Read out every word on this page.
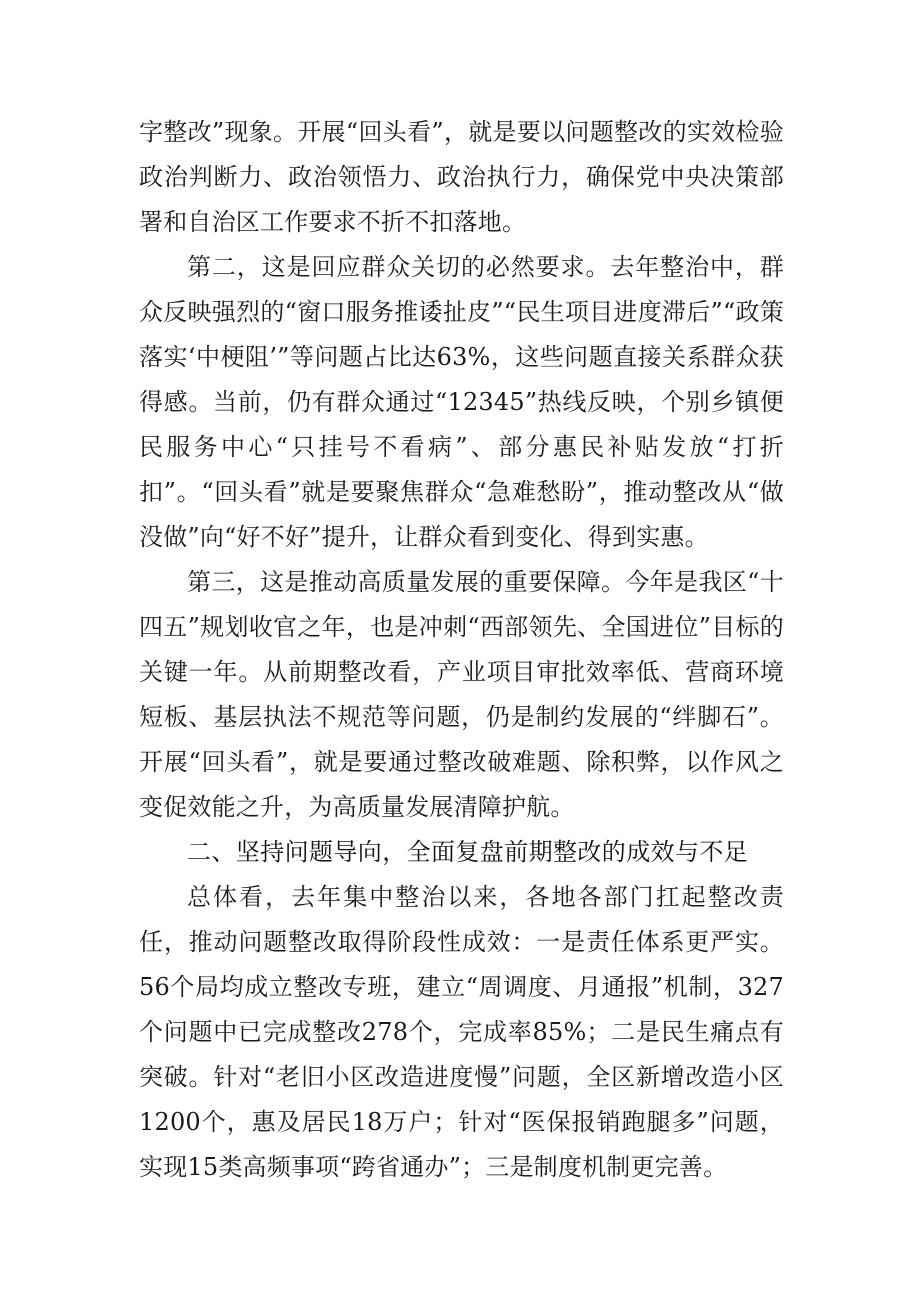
字整改”现象。开展“回头看”，就是要以问题整改的实效检验政治判断力、政治领悟力、政治执行力，确保党中央决策部署和自治区工作要求不折不扣落地。

第二，这是回应群众关切的必然要求。去年整治中，群众反映强烈的“窗口服务推诿扯皮”“民生项目进度滞后”“政策落实‘中梗阻’”等问题占比达63%，这些问题直接关系群众获得感。当前，仍有群众通过“12345”热线反映，个别乡镇便民服务中心“只挂号不看病”、部分惠民补贴发放“打折扣”。“回头看”就是要聚焦群众“急难愁盼”，推动整改从“做没做”向“好不好”提升，让群众看到变化、得到实惠。

第三，这是推动高质量发展的重要保障。今年是我区“十四五”规划收官之年，也是冲刺“西部领先、全国进位”目标的关键一年。从前期整改看，产业项目审批效率低、营商环境短板、基层执法不规范等问题，仍是制约发展的“绊脚石”。开展“回头看”，就是要通过整改破难题、除积弊，以作风之变促效能之升，为高质量发展清障护航。

二、坚持问题导向，全面复盘前期整改的成效与不足

总体看，去年集中整治以来，各地各部门扛起整改责任，推动问题整改取得阶段性成效：一是责任体系更严实。56个局均成立整改专班，建立“周调度、月通报”机制，327个问题中已完成整改278个，完成率85%；二是民生痛点有突破。针对“老旧小区改造进度慢”问题，全区新增改造小区1200个，惠及居民18万户；针对“医保报销跑腿多”问题，实现15类高频事项“跨省通办”；三是制度机制更完善。
